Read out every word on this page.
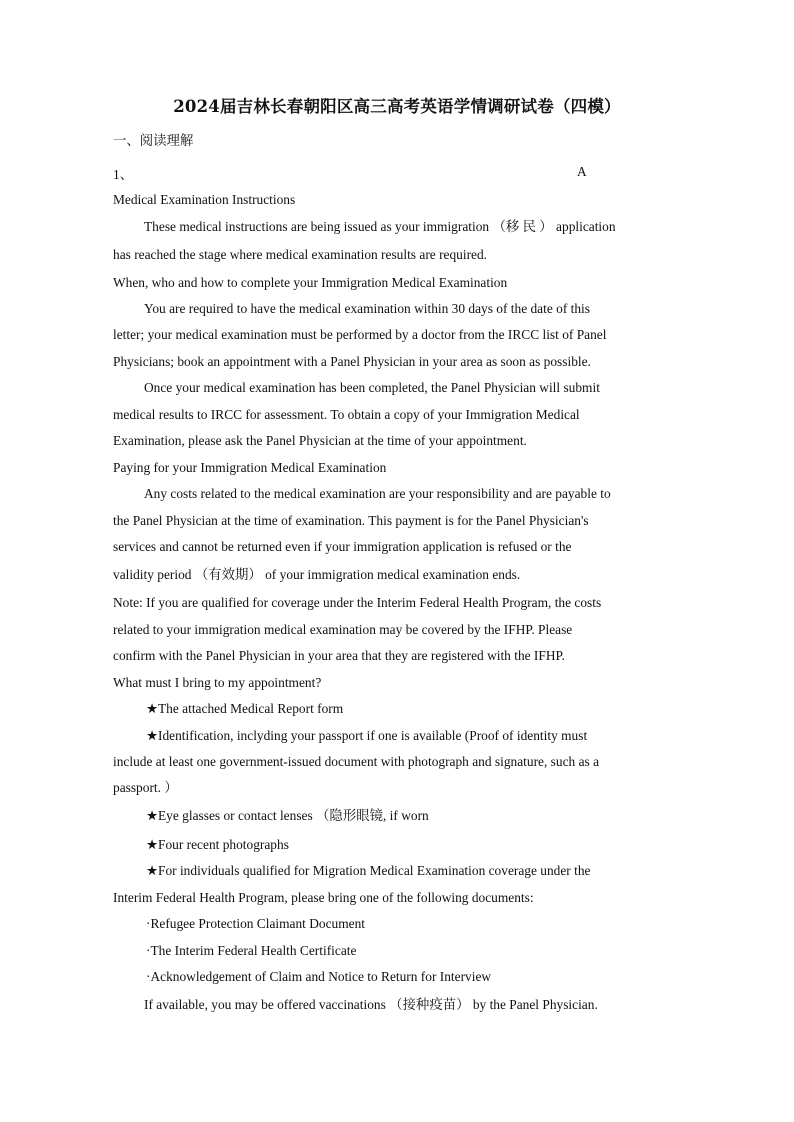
2024届吉林长春朝阳区高三高考英语学情调研试卷（四模）
一、阅读理解
1、	A
Medical Examination Instructions
These medical instructions are being issued as your immigration （移 民 ） application
has reached the stage where medical examination results are required.
When, who and how to complete your Immigration Medical Examination
You are required to have the medical examination within 30 days of the date of this
letter; your medical examination must be performed by a doctor from the IRCC list of Panel
Physicians; book an appointment with a Panel Physician in your area as soon as possible.
Once your medical examination has been completed, the Panel Physician will submit
medical results to IRCC for assessment. To obtain a copy of your Immigration Medical
Examination, please ask the Panel Physician at the time of your appointment.
Paying for your Immigration Medical Examination
Any costs related to the medical examination are your responsibility and are payable to
the Panel Physician at the time of examination. This payment is for the Panel Physician's
services and cannot be returned even if your immigration application is refused or the
validity period （有效期） of your immigration medical examination ends.
Note: If you are qualified for coverage under the Interim Federal Health Program, the costs
related to your immigration medical examination may be covered by the IFHP. Please
confirm with the Panel Physician in your area that they are registered with the IFHP.
What must I bring to my appointment?
★The attached Medical Report form
★Identification, inclyding your passport if one is available (Proof of identity must
include at least one government-issued document with photograph and signature, such as a
passport. ）
★Eye glasses or contact lenses （隐形眼镜, if worn
★Four recent photographs
★For individuals qualified for Migration Medical Examination coverage under the
Interim Federal Health Program, please bring one of the following documents:
·Refugee Protection Claimant Document
·The Interim Federal Health Certificate
·Acknowledgement of Claim and Notice to Return for Interview
If available, you may be offered vaccinations （接种疫苗） by the Panel Physician.
